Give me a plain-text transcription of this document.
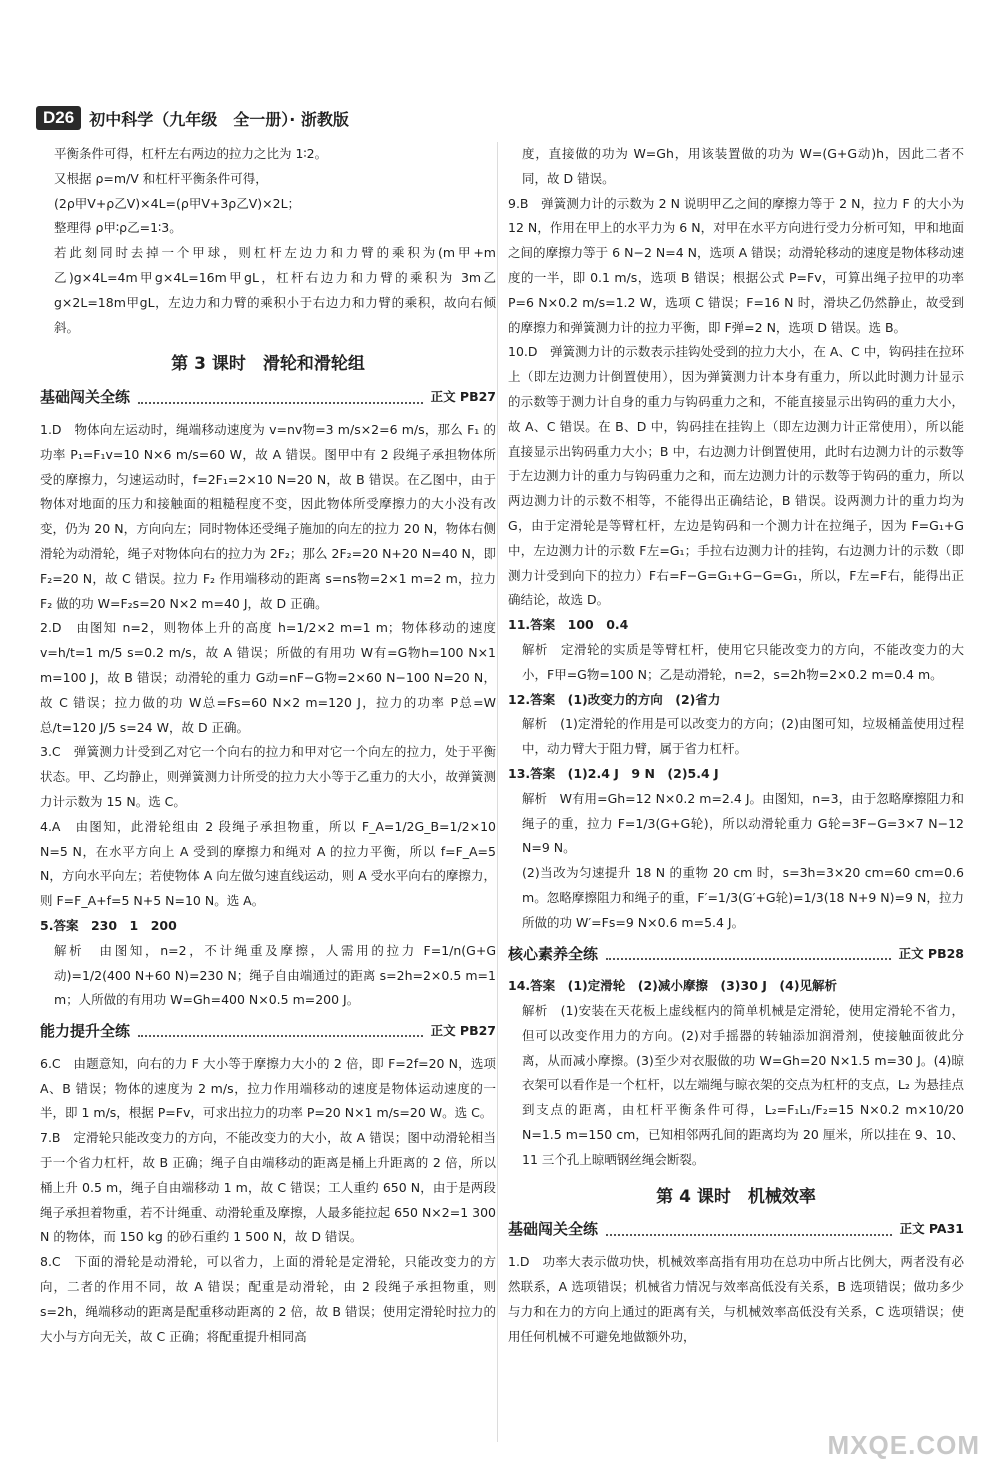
D26 初中科学（九年级　全一册）· 浙教版

平衡条件可得，杠杆左右两边的拉力之比为 1∶2。

又根据 ρ=m/V 和杠杆平衡条件可得，

(2ρ甲V+ρ乙V)×4L=(ρ甲V+3ρ乙V)×2L；

整理得 ρ甲∶ρ乙=1∶3。

若此刻同时去掉一个甲球，则杠杆左边力和力臂的乘积为(m甲+m乙)g×4L=4m甲g×4L=16m甲gL，杠杆右边力和力臂的乘积为 3m乙g×2L=18m甲gL，左边力和力臂的乘积小于右边力和力臂的乘积，故向右倾斜。

第 3 课时　滑轮和滑轮组
基础闯关全练	正文 PB27

1.D　物体向左运动时，绳端移动速度为 v=nv物=3 m/s×2=6 m/s，那么 F₁ 的功率 P₁=F₁v=10 N×6 m/s=60 W，故 A 错误。图甲中有 2 段绳子承担物体所受的摩擦力，匀速运动时，f=2F₁=2×10 N=20 N，故 B 错误。在乙图中，由于物体对地面的压力和接触面的粗糙程度不变，因此物体所受摩擦力的大小没有改变，仍为 20 N，方向向左；同时物体还受绳子施加的向左的拉力 20 N，物体右侧滑轮为动滑轮，绳子对物体向右的拉力为 2F₂；那么 2F₂=20 N+20 N=40 N，即 F₂=20 N，故 C 错误。拉力 F₂ 作用端移动的距离 s=ns物=2×1 m=2 m，拉力 F₂ 做的功 W=F₂s=20 N×2 m=40 J，故 D 正确。

2.D　由图知 n=2，则物体上升的高度 h=1/2×2 m=1 m；物体移动的速度 v=h/t=1 m/5 s=0.2 m/s，故 A 错误；所做的有用功 W有=G物h=100 N×1 m=100 J，故 B 错误；动滑轮的重力 G动=nF−G物=2×60 N−100 N=20 N，故 C 错误；拉力做的功 W总=Fs=60 N×2 m=120 J，拉力的功率 P总=W总/t=120 J/5 s=24 W，故 D 正确。

3.C　弹簧测力计受到乙对它一个向右的拉力和甲对它一个向左的拉力，处于平衡状态。甲、乙均静止，则弹簧测力计所受的拉力大小等于乙重力的大小，故弹簧测力计示数为 15 N。选 C。

4.A　由图知，此滑轮组由 2 段绳子承担物重，所以 F_A=1/2G_B=1/2×10 N=5 N，在水平方向上 A 受到的摩擦力和绳对 A 的拉力平衡，所以 f=F_A=5 N，方向水平向左；若使物体 A 向左做匀速直线运动，则 A 受水平向右的摩擦力，则 F=F_A+f=5 N+5 N=10 N。选 A。

5.答案　230　1　200

解析　由图知，n=2，不计绳重及摩擦，人需用的拉力 F=1/n(G+G动)=1/2(400 N+60 N)=230 N；绳子自由端通过的距离 s=2h=2×0.5 m=1 m；人所做的有用功 W=Gh=400 N×0.5 m=200 J。

能力提升全练	正文 PB27

6.C　由题意知，向右的力 F 大小等于摩擦力大小的 2 倍，即 F=2f=20 N，选项 A、B 错误；物体的速度为 2 m/s，拉力作用端移动的速度是物体运动速度的一半，即 1 m/s，根据 P=Fv，可求出拉力的功率 P=20 N×1 m/s=20 W。选 C。

7.B　定滑轮只能改变力的方向，不能改变力的大小，故 A 错误；图中动滑轮相当于一个省力杠杆，故 B 正确；绳子自由端移动的距离是桶上升距离的 2 倍，所以桶上升 0.5 m，绳子自由端移动 1 m，故 C 错误；工人重约 650 N，由于是两段绳子承担着物重，若不计绳重、动滑轮重及摩擦，人最多能拉起 650 N×2=1 300 N 的物体，而 150 kg 的砂石重约 1 500 N，故 D 错误。

8.C　下面的滑轮是动滑轮，可以省力，上面的滑轮是定滑轮，只能改变力的方向，二者的作用不同，故 A 错误；配重是动滑轮，由 2 段绳子承担物重，则 s=2h，绳端移动的距离是配重移动距离的 2 倍，故 B 错误；使用定滑轮时拉力的大小与方向无关，故 C 正确；将配重提升相同高

度，直接做的功为 W=Gh，用该装置做的功为 W=(G+G动)h，因此二者不同，故 D 错误。

9.B　弹簧测力计的示数为 2 N 说明甲乙之间的摩擦力等于 2 N，拉力 F 的大小为 12 N，作用在甲上的水平力为 6 N，对甲在水平方向进行受力分析可知，甲和地面之间的摩擦力等于 6 N−2 N=4 N，选项 A 错误；动滑轮移动的速度是物体移动速度的一半，即 0.1 m/s，选项 B 错误；根据公式 P=Fv，可算出绳子拉甲的功率 P=6 N×0.2 m/s=1.2 W，选项 C 错误；F=16 N 时，滑块乙仍然静止，故受到的摩擦力和弹簧测力计的拉力平衡，即 F弹=2 N，选项 D 错误。选 B。

10.D　弹簧测力计的示数表示挂钩处受到的拉力大小，在 A、C 中，钩码挂在拉环上（即左边测力计倒置使用），因为弹簧测力计本身有重力，所以此时测力计显示的示数等于测力计自身的重力与钩码重力之和，不能直接显示出钩码的重力大小，故 A、C 错误。在 B、D 中，钩码挂在挂钩上（即左边测力计正常使用），所以能直接显示出钩码重力大小；B 中，右边测力计倒置使用，此时右边测力计的示数等于左边测力计的重力与钩码重力之和，而左边测力计的示数等于钩码的重力，所以两边测力计的示数不相等，不能得出正确结论，B 错误。设两测力计的重力均为 G，由于定滑轮是等臂杠杆，左边是钩码和一个测力计在拉绳子，因为 F=G₁+G 中，左边测力计的示数 F左=G₁；手拉右边测力计的挂钩，右边测力计的示数（即测力计受到向下的拉力）F右=F−G=G₁+G−G=G₁，所以，F左=F右，能得出正确结论，故选 D。

11.答案　100　0.4

解析　定滑轮的实质是等臂杠杆，使用它只能改变力的方向，不能改变力的大小，F甲=G物=100 N；乙是动滑轮，n=2，s=2h物=2×0.2 m=0.4 m。

12.答案　(1)改变力的方向　(2)省力

解析　(1)定滑轮的作用是可以改变力的方向；(2)由图可知，垃圾桶盖使用过程中，动力臂大于阻力臂，属于省力杠杆。

13.答案　(1)2.4 J　9 N　(2)5.4 J

解析　W有用=Gh=12 N×0.2 m=2.4 J。由图知，n=3，由于忽略摩擦阻力和绳子的重，拉力 F=1/3(G+G轮)，所以动滑轮重力 G轮=3F−G=3×7 N−12 N=9 N。

(2)当改为匀速提升 18 N 的重物 20 cm 时，s=3h=3×20 cm=60 cm=0.6 m。忽略摩擦阻力和绳子的重，F′=1/3(G′+G轮)=1/3(18 N+9 N)=9 N，拉力所做的功 W′=Fs=9 N×0.6 m=5.4 J。

核心素养全练	正文 PB28

14.答案　(1)定滑轮　(2)减小摩擦　(3)30 J　(4)见解析

解析　(1)安装在天花板上虚线框内的简单机械是定滑轮，使用定滑轮不省力，但可以改变作用力的方向。(2)对手摇器的转轴添加润滑剂，使接触面彼此分离，从而减小摩擦。(3)至少对衣服做的功 W=Gh=20 N×1.5 m=30 J。(4)晾衣架可以看作是一个杠杆，以左端绳与晾衣架的交点为杠杆的支点，L₂ 为悬挂点到支点的距离，由杠杆平衡条件可得，L₂=F₁L₁/F₂=15 N×0.2 m×10/20 N=1.5 m=150 cm，已知相邻两孔间的距离均为 20 厘米，所以挂在 9、10、11 三个孔上晾晒钢丝绳会断裂。

第 4 课时　机械效率
基础闯关全练	正文 PA31

1.D　功率大表示做功快，机械效率高指有用功在总功中所占比例大，两者没有必然联系，A 选项错误；机械省力情况与效率高低没有关系，B 选项错误；做功多少与力和在力的方向上通过的距离有关，与机械效率高低没有关系，C 选项错误；使用任何机械不可避免地做额外功，

MXQE.COM
